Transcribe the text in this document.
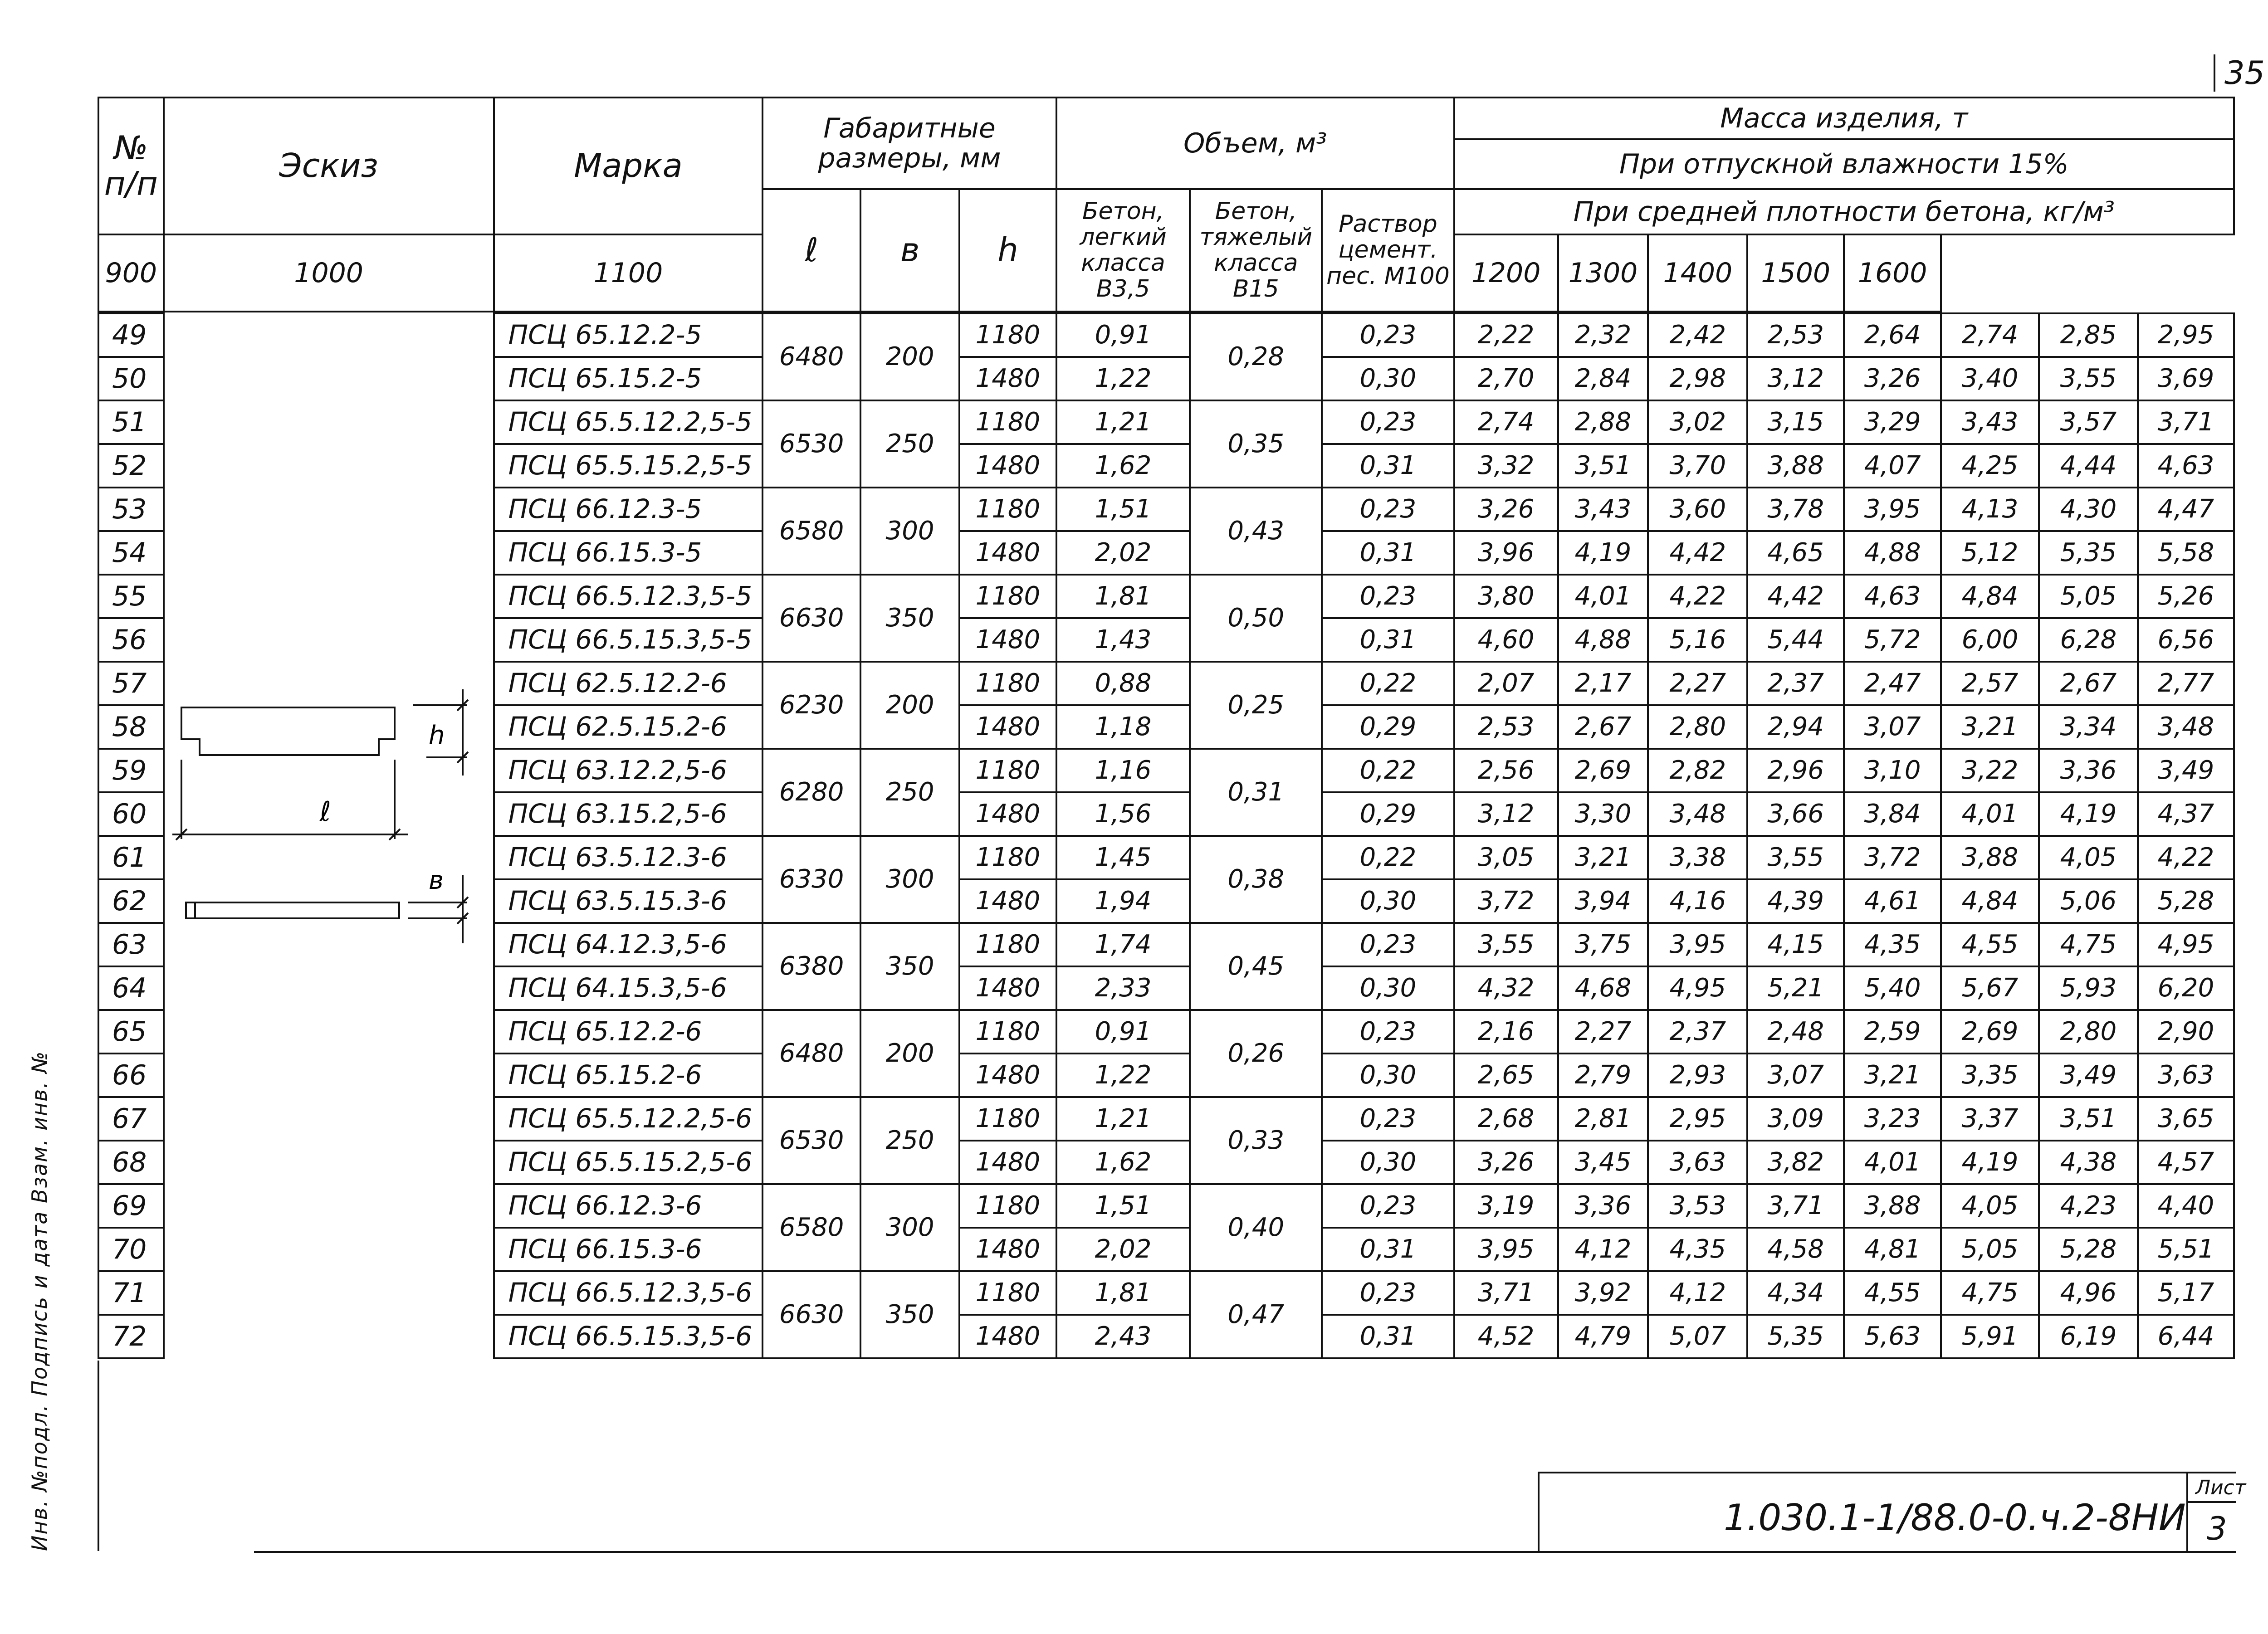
35
№ п/п	Эскиз	Марка	Габаритные размеры, мм			Объем, м³			Масса изделия, т							
									При отпускной влажности 15%							
			ℓ	в	h	Бетон, легкий класса В3,5	Бетон, тяжелый класса В15	Раствор цемент. пес. М100	При средней плотности бетона, кг/м³							
900	1000	1100							1200	1300	1400	1500	1600			

49		ПСЦ 65.12.2-5	6480	200	1180	0,91	0,28	0,23	2,22	2,32	2,42	2,53	2,64	2,74	2,85	2,95
50		ПСЦ 65.15.2-5			1480	1,22		0,30	2,70	2,84	2,98	3,12	3,26	3,40	3,55	3,69
51		ПСЦ 65.5.12.2,5-5	6530	250	1180	1,21	0,35	0,23	2,74	2,88	3,02	3,15	3,29	3,43	3,57	3,71
52		ПСЦ 65.5.15.2,5-5			1480	1,62		0,31	3,32	3,51	3,70	3,88	4,07	4,25	4,44	4,63
53		ПСЦ 66.12.3-5	6580	300	1180	1,51	0,43	0,23	3,26	3,43	3,60	3,78	3,95	4,13	4,30	4,47
54		ПСЦ 66.15.3-5			1480	2,02		0,31	3,96	4,19	4,42	4,65	4,88	5,12	5,35	5,58
55		ПСЦ 66.5.12.3,5-5	6630	350	1180	1,81	0,50	0,23	3,80	4,01	4,22	4,42	4,63	4,84	5,05	5,26
56		ПСЦ 66.5.15.3,5-5			1480	1,43		0,31	4,60	4,88	5,16	5,44	5,72	6,00	6,28	6,56
57		ПСЦ 62.5.12.2-6	6230	200	1180	0,88	0,25	0,22	2,07	2,17	2,27	2,37	2,47	2,57	2,67	2,77
58		ПСЦ 62.5.15.2-6			1480	1,18		0,29	2,53	2,67	2,80	2,94	3,07	3,21	3,34	3,48
59		ПСЦ 63.12.2,5-6	6280	250	1180	1,16	0,31	0,22	2,56	2,69	2,82	2,96	3,10	3,22	3,36	3,49
60		ПСЦ 63.15.2,5-6			1480	1,56		0,29	3,12	3,30	3,48	3,66	3,84	4,01	4,19	4,37
61		ПСЦ 63.5.12.3-6	6330	300	1180	1,45	0,38	0,22	3,05	3,21	3,38	3,55	3,72	3,88	4,05	4,22
62		ПСЦ 63.5.15.3-6			1480	1,94		0,30	3,72	3,94	4,16	4,39	4,61	4,84	5,06	5,28
63		ПСЦ 64.12.3,5-6	6380	350	1180	1,74	0,45	0,23	3,55	3,75	3,95	4,15	4,35	4,55	4,75	4,95
64		ПСЦ 64.15.3,5-6			1480	2,33		0,30	4,32	4,68	4,95	5,21	5,40	5,67	5,93	6,20
65		ПСЦ 65.12.2-6	6480	200	1180	0,91	0,26	0,23	2,16	2,27	2,37	2,48	2,59	2,69	2,80	2,90
66		ПСЦ 65.15.2-6			1480	1,22		0,30	2,65	2,79	2,93	3,07	3,21	3,35	3,49	3,63
67		ПСЦ 65.5.12.2,5-6	6530	250	1180	1,21	0,33	0,23	2,68	2,81	2,95	3,09	3,23	3,37	3,51	3,65
68		ПСЦ 65.5.15.2,5-6			1480	1,62		0,30	3,26	3,45	3,63	3,82	4,01	4,19	4,38	4,57
69		ПСЦ 66.12.3-6	6580	300	1180	1,51	0,40	0,23	3,19	3,36	3,53	3,71	3,88	4,05	4,23	4,40
70		ПСЦ 66.15.3-6			1480	2,02		0,31	3,95	4,12	4,35	4,58	4,81	5,05	5,28	5,51
71		ПСЦ 66.5.12.3,5-6	6630	350	1180	1,81	0,47	0,23	3,71	3,92	4,12	4,34	4,55	4,75	4,96	5,17
72		ПСЦ 66.5.15.3,5-6			1480	2,43		0,31	4,52	4,79	5,07	5,35	5,63	5,91	6,19	6,44
ℓ
h
в
1.030.1-1/88.0-0.ч.2-8НИ
Лист
3
Инв. №подл. Подпись и дата Взам. инв. №
